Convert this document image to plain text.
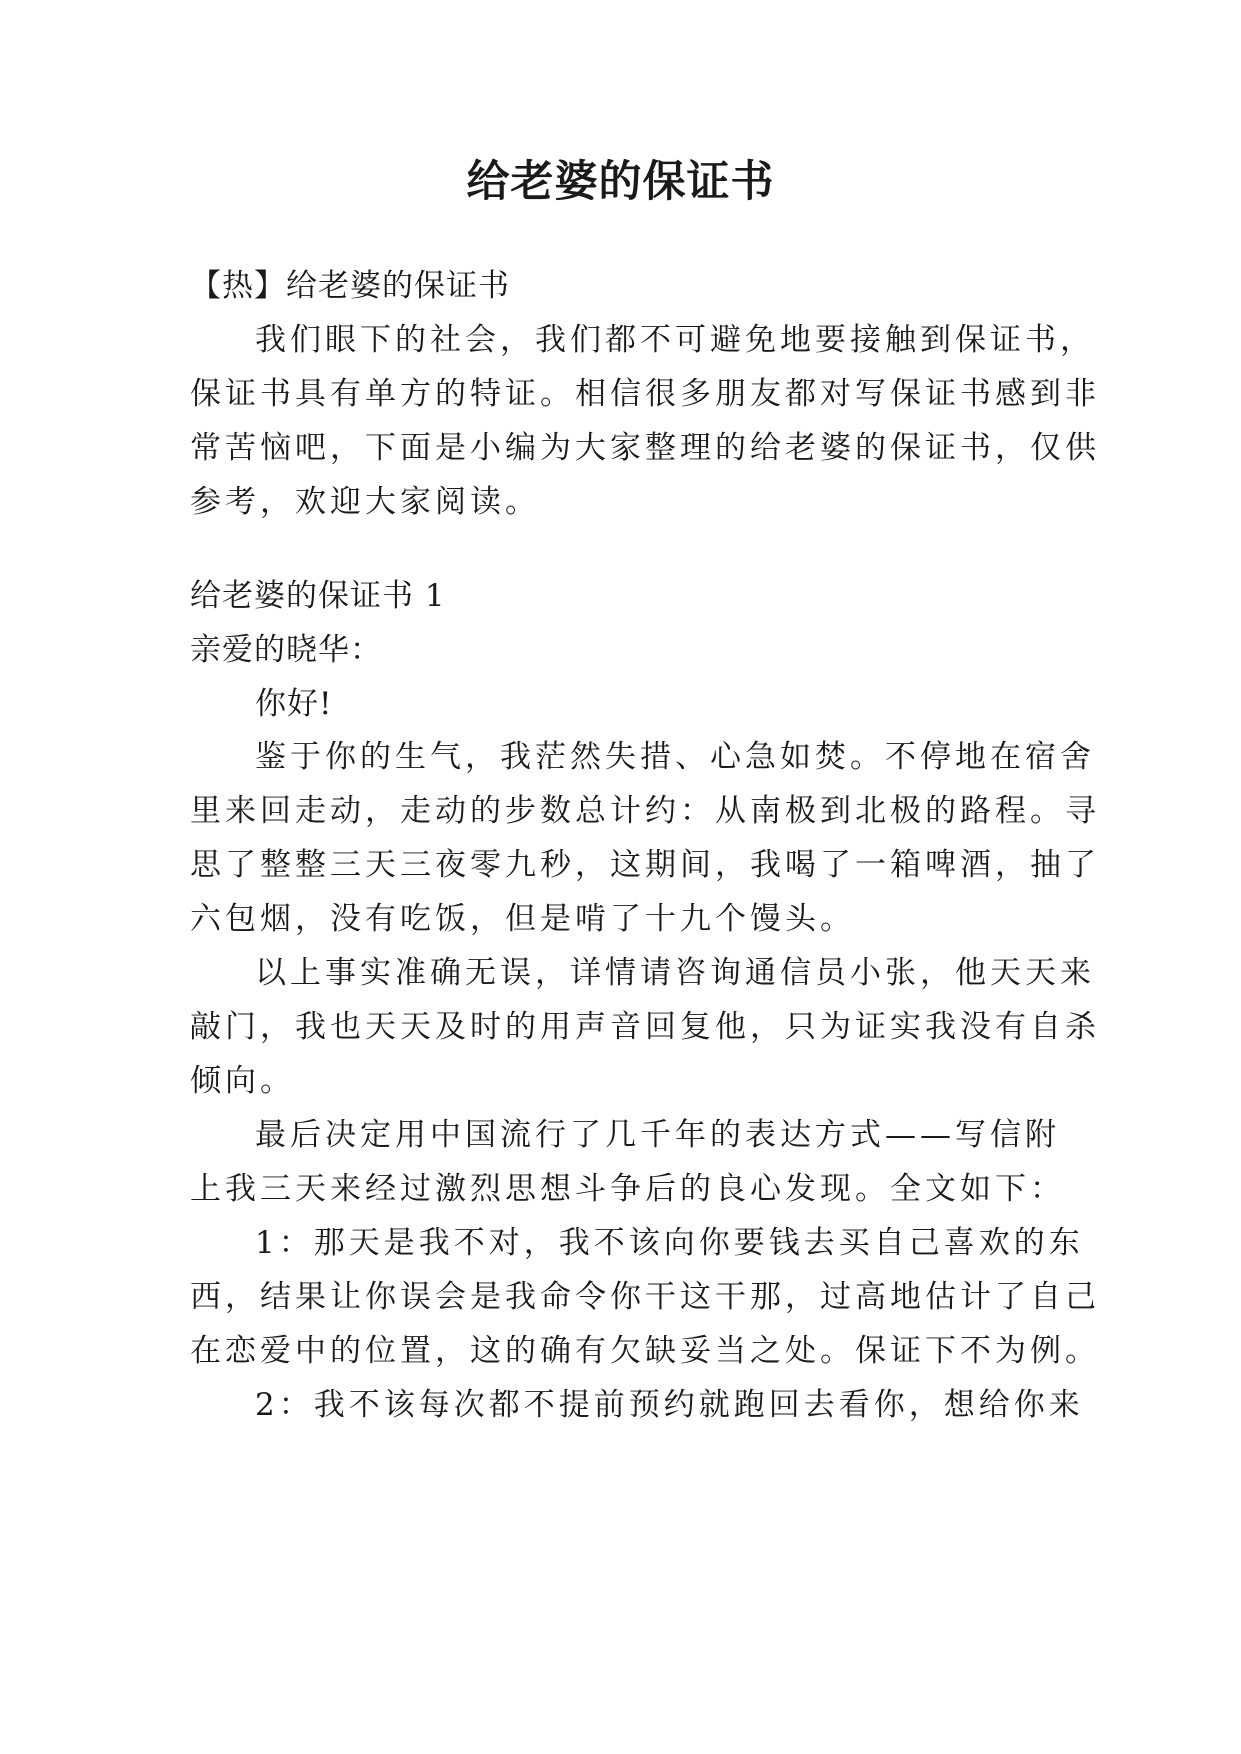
给老婆的保证书
【热】给老婆的保证书
我们眼下的社会，我们都不可避免地要接触到保证书，
保证书具有单方的特证。相信很多朋友都对写保证书感到非
常苦恼吧，下面是小编为大家整理的给老婆的保证书，仅供
参考，欢迎大家阅读。
给老婆的保证书 1
亲爱的晓华：
你好!
鉴于你的生气，我茫然失措、心急如焚。不停地在宿舍
里来回走动，走动的步数总计约：从南极到北极的路程。寻
思了整整三天三夜零九秒，这期间，我喝了一箱啤酒，抽了
六包烟，没有吃饭，但是啃了十九个馒头。
以上事实准确无误，详情请咨询通信员小张，他天天来
敲门，我也天天及时的用声音回复他，只为证实我没有自杀
倾向。
最后决定用中国流行了几千年的表达方式——写信附
上我三天来经过激烈思想斗争后的良心发现。全文如下：
1：那天是我不对，我不该向你要钱去买自己喜欢的东
西，结果让你误会是我命令你干这干那，过高地估计了自己
在恋爱中的位置，这的确有欠缺妥当之处。保证下不为例。
2：我不该每次都不提前预约就跑回去看你，想给你来
